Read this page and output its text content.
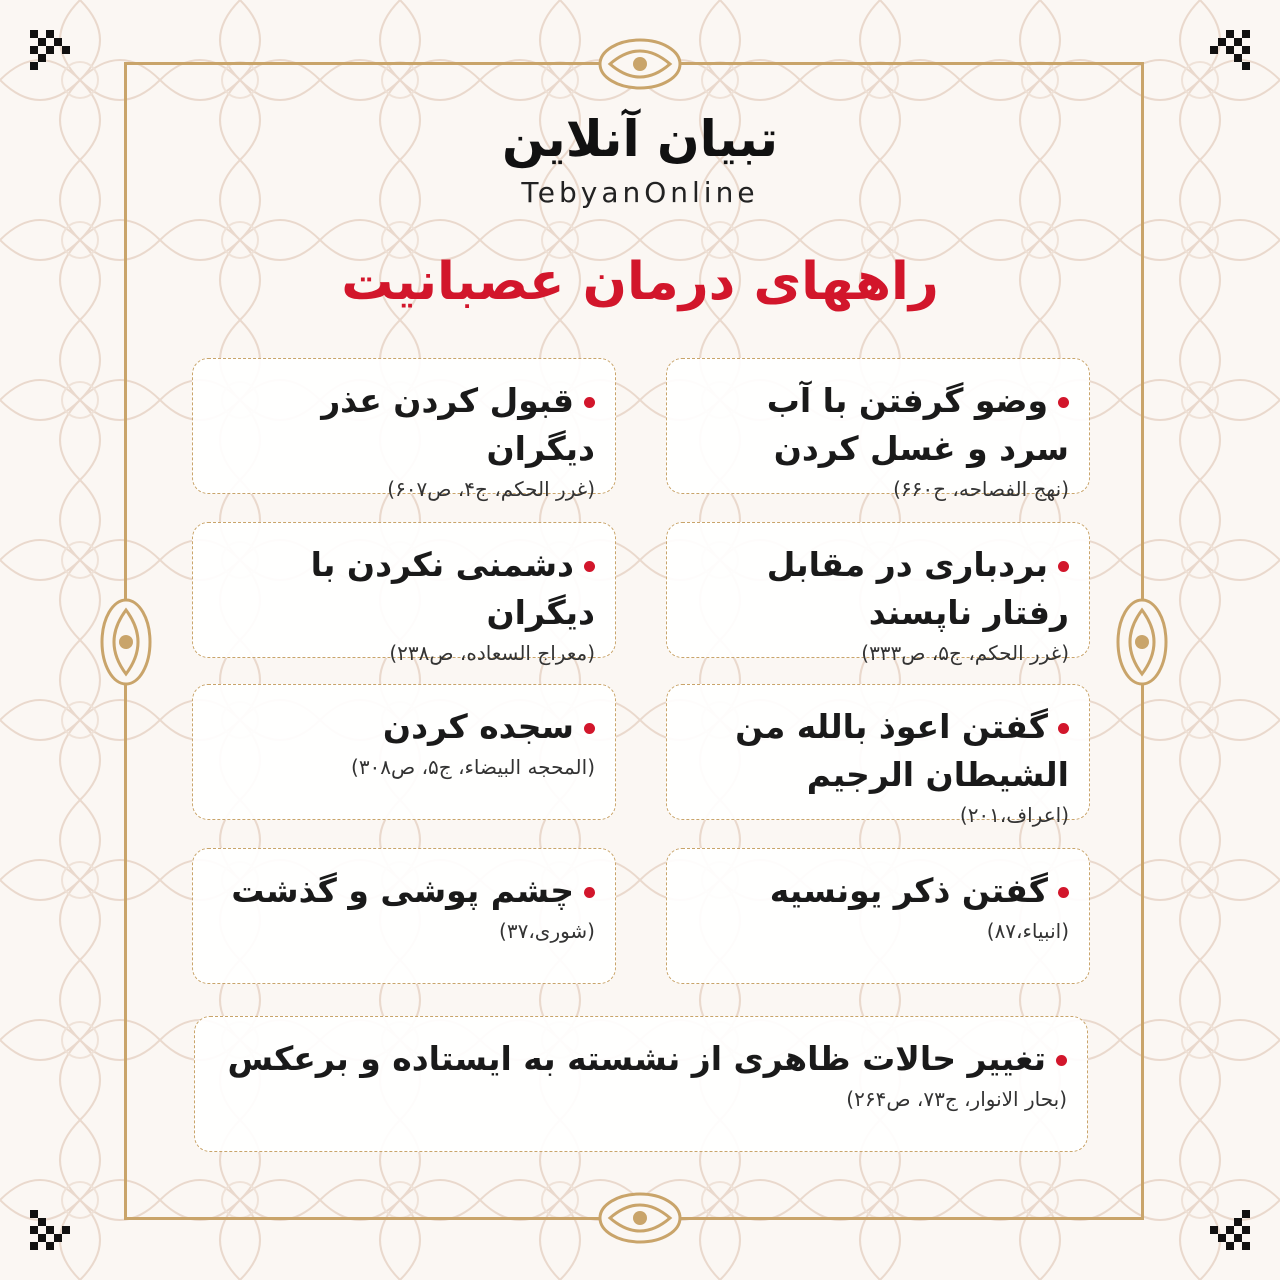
تبیان آنلاین
TebyanOnline
راههای درمان عصبانیت
وضو گرفتن با آب سرد و غسل کردن
(نهج الفصاحه، ح۶۶۰)
قبول کردن عذر دیگران
(غرر الحکم، ج۴، ص۶۰۷)
بردباری در مقابل رفتار ناپسند
(غرر الحکم، ج۵، ص۳۳۳)
دشمنی نکردن با دیگران
(معراج السعاده، ص۲۳۸)
گفتن اعوذ بالله من الشیطان الرجیم
(اعراف،۲۰۱)
سجده کردن
(المحجه البیضاء، ج۵، ص۳۰۸)
گفتن ذکر یونسیه
(انبیاء،۸۷)
چشم پوشی و گذشت
(شوری،۳۷)
تغییر حالات ظاهری از نشسته به ایستاده و برعکس
(بحار الانوار، ج۷۳، ص۲۶۴)
